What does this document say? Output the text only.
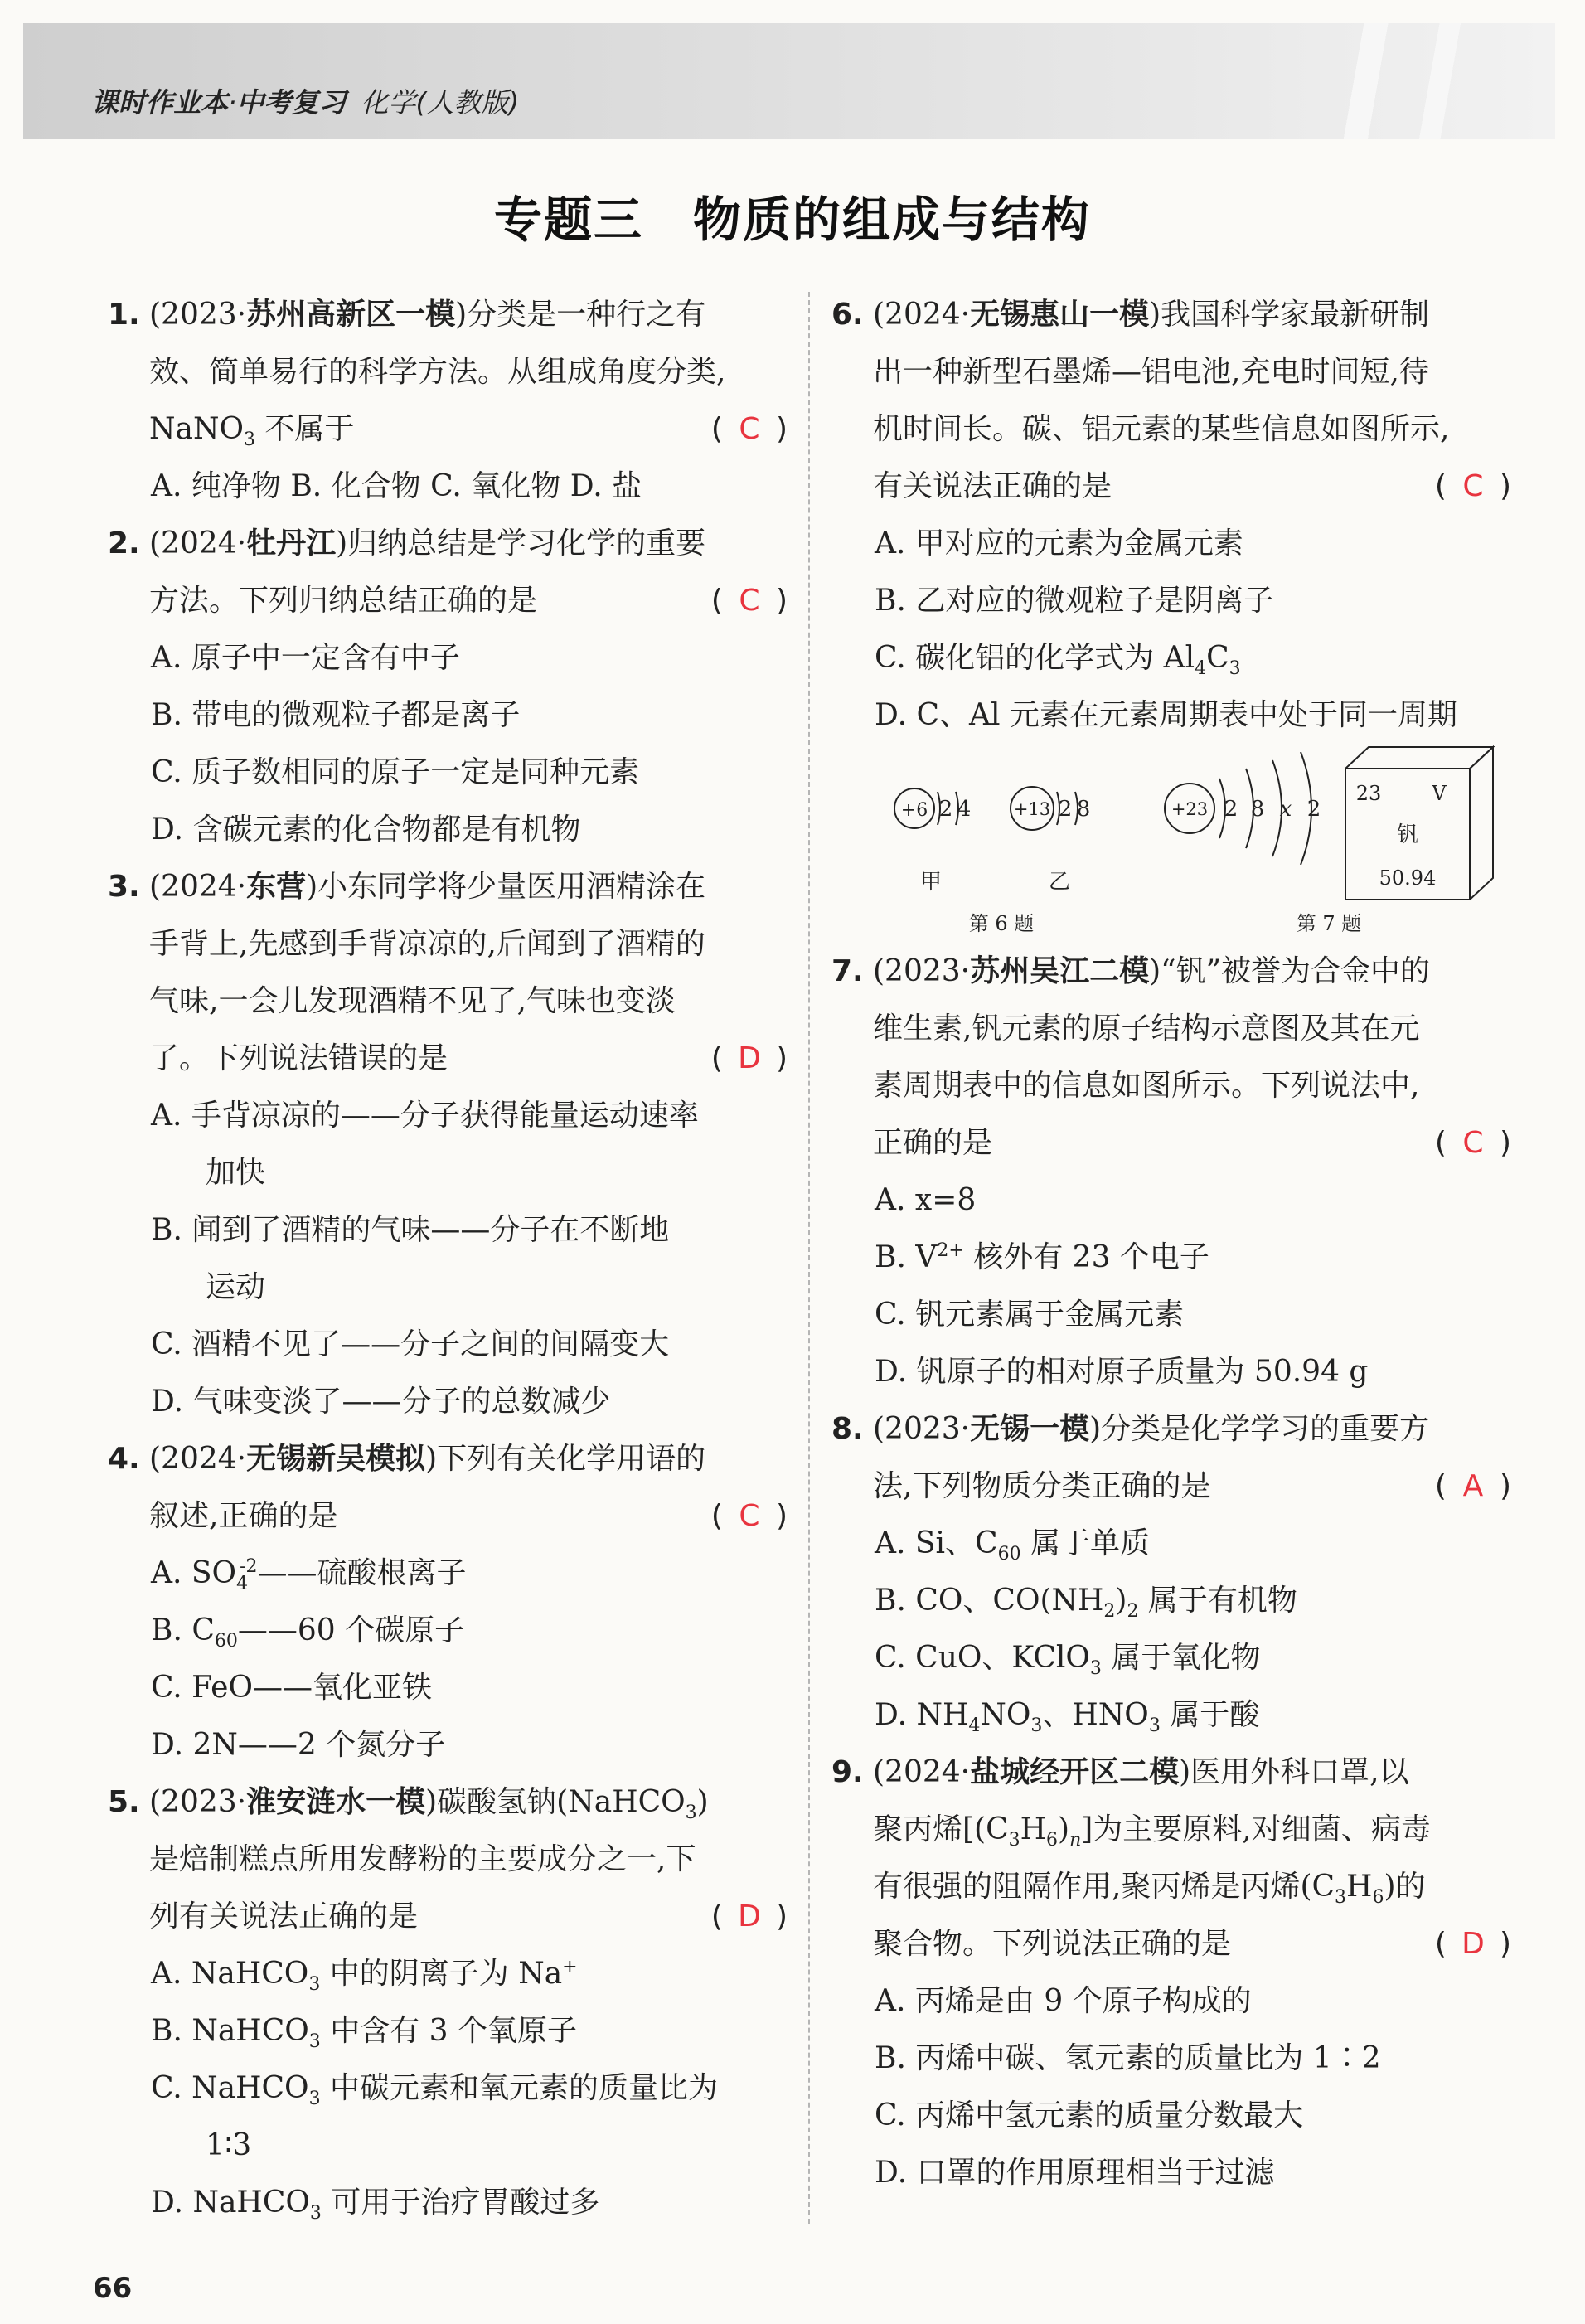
课时作业本·中考复习 化学(人教版)
专题三　物质的组成与结构
1. (2023·苏州高新区一模)分类是一种行之有
效、简单易行的科学方法。从组成角度分类,
NaNO$_3$ 不属于	( C )
A. 纯净物 B. 化合物 C. 氧化物 D. 盐
2. (2024·牡丹江)归纳总结是学习化学的重要
方法。下列归纳总结正确的是	( C )
A. 原子中一定含有中子
B. 带电的微观粒子都是离子
C. 质子数相同的原子一定是同种元素
D. 含碳元素的化合物都是有机物
3. (2024·东营)小东同学将少量医用酒精涂在
手背上,先感到手背凉凉的,后闻到了酒精的
气味,一会儿发现酒精不见了,气味也变淡
了。下列说法错误的是	( D )
A. 手背凉凉的——分子获得能量运动速率
加快
B. 闻到了酒精的气味——分子在不断地
运动
C. 酒精不见了——分子之间的间隔变大
D. 气味变淡了——分子的总数减少
4. (2024·无锡新吴模拟)下列有关化学用语的
叙述,正确的是	( C )
A. $SO_4^{-2}——$硫酸根离子
B. $C_{60}——60$ 个碳原子
C. FeO——氧化亚铁
D. 2N——2 个氮分子
5. (2023·淮安涟水一模)碳酸氢钠(NaHCO$_3$)
是焙制糕点所用发酵粉的主要成分之一,下
列有关说法正确的是	( D )
A. NaHCO$_3$ 中的阴离子为 Na+
B. NaHCO$_3$ 中含有 3 个氧原子
C. NaHCO$_3$ 中碳元素和氧元素的质量比为
1∶3
D. NaHCO$_3$ 可用于治疗胃酸过多
6. (2024·无锡惠山一模)我国科学家最新研制
出一种新型石墨烯—铝电池,充电时间短,待
机时间长。碳、铝元素的某些信息如图所示,
有关说法正确的是	( C )
A. 甲对应的元素为金属元素
B. 乙对应的微观粒子是阴离子
C. 碳化铝的化学式为 $Al_4C_3$
D. C、Al 元素在元素周期表中处于同一周期
+6 2 4
甲
+13 2 8
乙
第 6 题
+23 2 8 x 2
23	V
钒
50.94
第 7 题
7. (2023·苏州吴江二模)“钒”被誉为合金中的
维生素,钒元素的原子结构示意图及其在元
素周期表中的信息如图所示。下列说法中,
正确的是	( C )
A. x=8
B. $V^{2+}$ 核外有 23 个电子
C. 钒元素属于金属元素
D. 钒原子的相对原子质量为 50.94 g
8. (2023·无锡一模)分类是化学学习的重要方
法,下列物质分类正确的是	( A )
A. Si、$C_{60}$ 属于单质
B. CO、$CO(NH_2)_2$ 属于有机物
C. CuO、KClO$_3$ 属于氧化物
D. $NH_4NO_3$、$HNO_3$ 属于酸
9. (2024·盐城经开区二模)医用外科口罩,以
聚丙烯$[(C_3H_6)_n]$为主要原料,对细菌、病毒
有很强的阻隔作用,聚丙烯是丙烯$(C_3H_6)$的
聚合物。下列说法正确的是	( D )
A. 丙烯是由 9 个原子构成的
B. 丙烯中碳、氢元素的质量比为 1∶2
C. 丙烯中氢元素的质量分数最大
D. 口罩的作用原理相当于过滤
66
